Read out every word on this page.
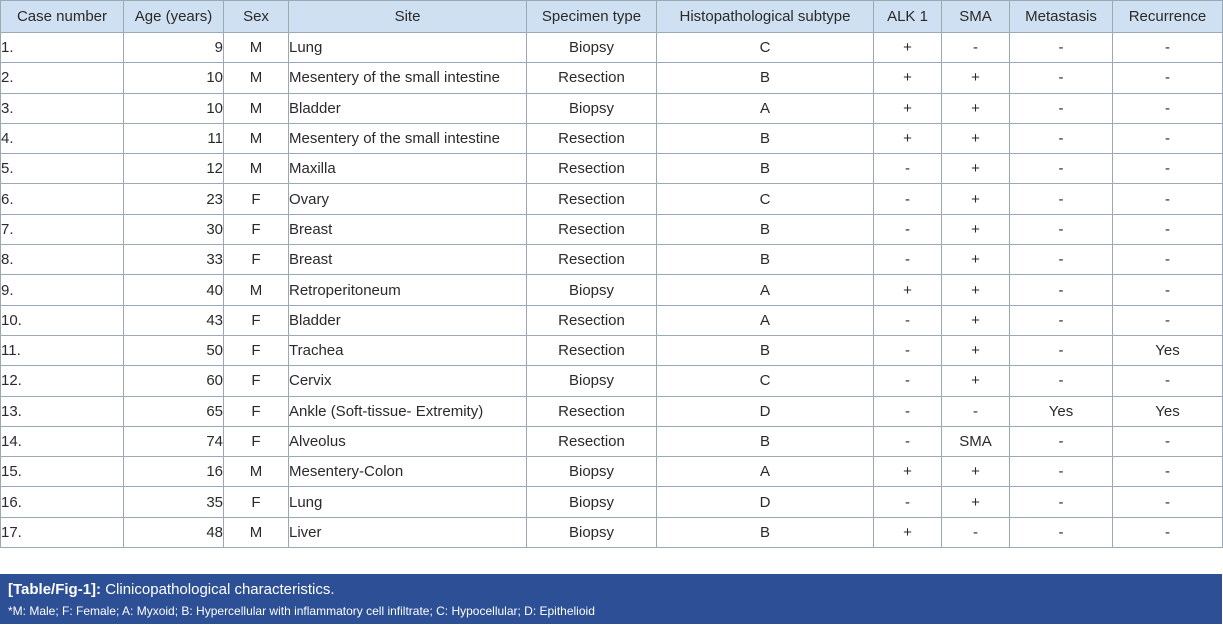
Case number	Age (years)	Sex	Site	Specimen type	Histopathological subtype	ALK 1	SMA	Metastasis	Recurrence
1.	9	M	Lung	Biopsy	C	+	-	-	-
2.	10	M	Mesentery of the small intestine	Resection	B	+	+	-	-
3.	10	M	Bladder	Biopsy	A	+	+	-	-
4.	11	M	Mesentery of the small intestine	Resection	B	+	+	-	-
5.	12	M	Maxilla	Resection	B	-	+	-	-
6.	23	F	Ovary	Resection	C	-	+	-	-
7.	30	F	Breast	Resection	B	-	+	-	-
8.	33	F	Breast	Resection	B	-	+	-	-
9.	40	M	Retroperitoneum	Biopsy	A	+	+	-	-
10.	43	F	Bladder	Resection	A	-	+	-	-
11.	50	F	Trachea	Resection	B	-	+	-	Yes
12.	60	F	Cervix	Biopsy	C	-	+	-	-
13.	65	F	Ankle (Soft-tissue- Extremity)	Resection	D	-	-	Yes	Yes
14.	74	F	Alveolus	Resection	B	-	SMA	-	-
15.	16	M	Mesentery-Colon	Biopsy	A	+	+	-	-
16.	35	F	Lung	Biopsy	D	-	+	-	-
17.	48	M	Liver	Biopsy	B	+	-	-	-
[Table/Fig-1]: Clinicopathological characteristics.
*M: Male; F: Female; A: Myxoid; B: Hypercellular with inflammatory cell infiltrate; C: Hypocellular; D: Epithelioid
